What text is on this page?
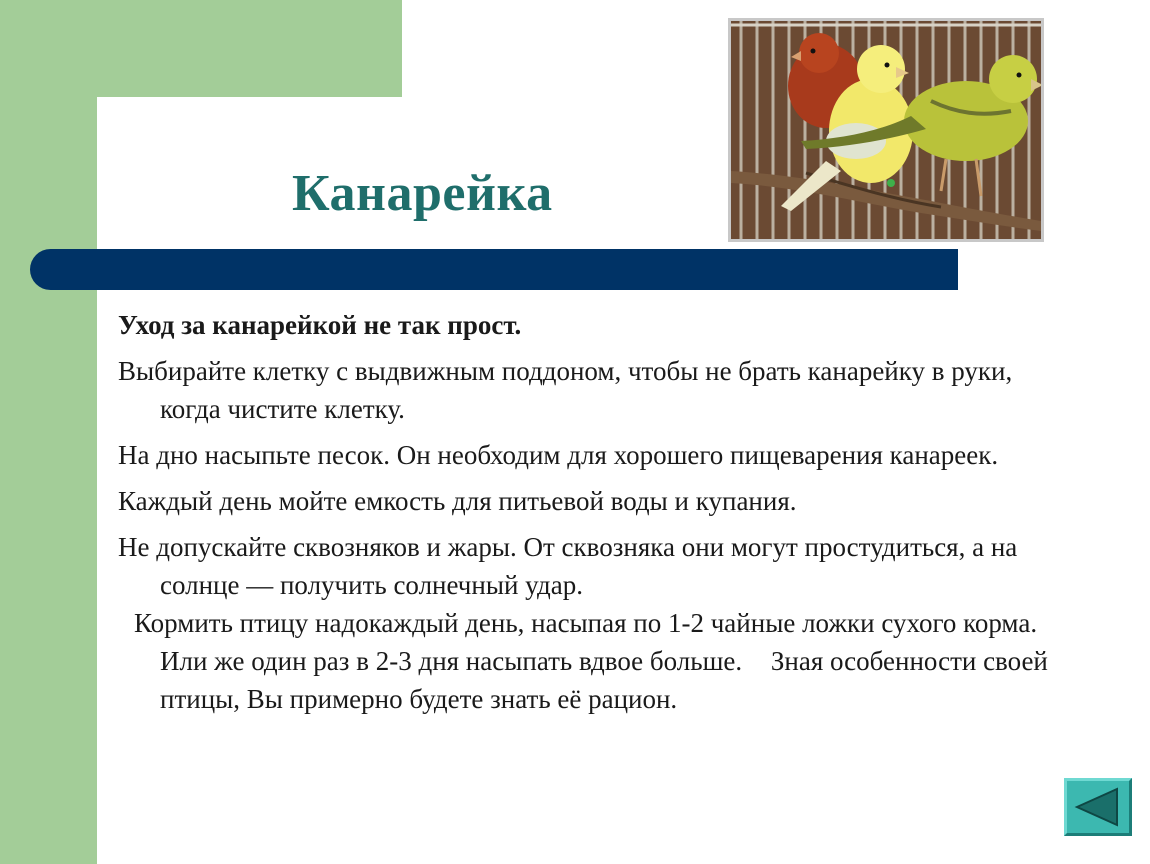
Канарейка

Уход за канарейкой не так прост.

Выбирайте клетку с выдвижным поддоном, чтобы не брать канарейку в руки, когда чистите клетку.

На дно насыпьте песок. Он необходим для хорошего пищеварения канареек.

Каждый день мойте емкость для питьевой воды и купания.

Не допускайте сквозняков и жары. От сквозняка они могут простудиться, а на солнце — получить солнечный удар.

Кормить птицу надокаждый день, насыпая по 1-2 чайные ложки сухого корма. Или же один раз в 2-3 дня насыпать вдвое больше. Зная особенности своей птицы, Вы примерно будете знать её рацион.
